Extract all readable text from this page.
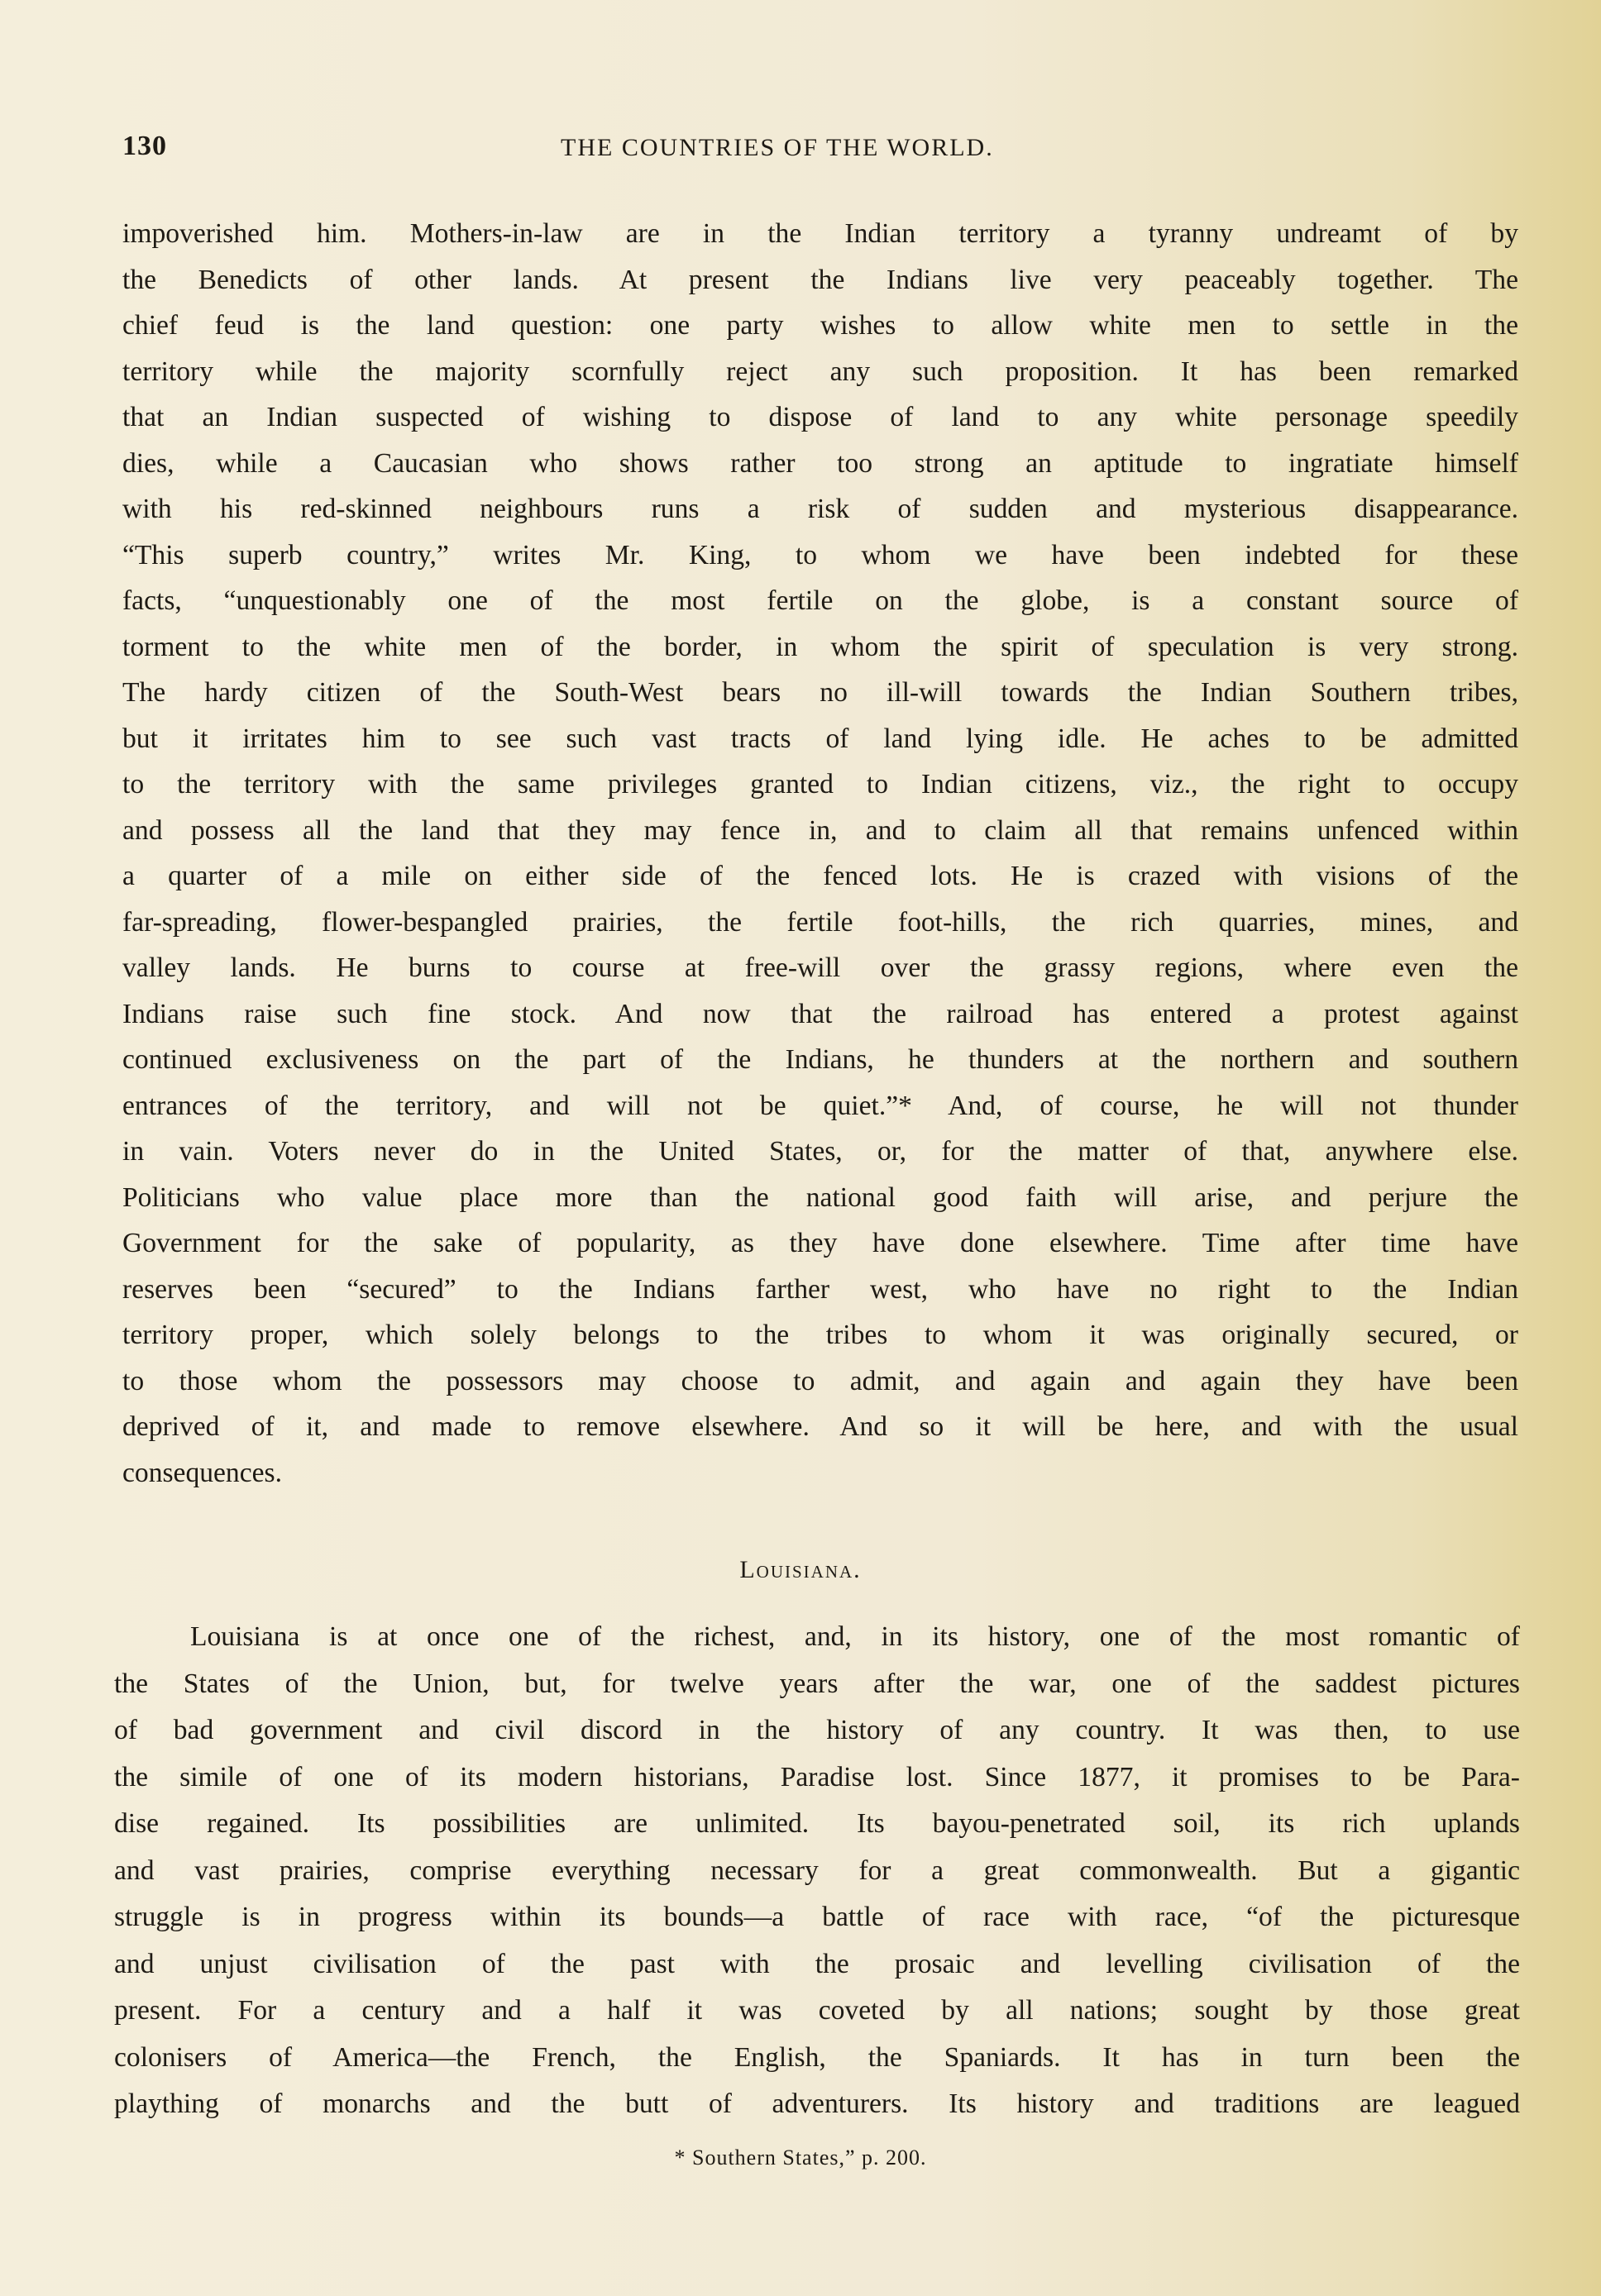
130	THE COUNTRIES OF THE WORLD.
impoverished him. Mothers-in-law are in the Indian territory a tyranny undreamt of by
the Benedicts of other lands. At present the Indians live very peaceably together. The
chief feud is the land question: one party wishes to allow white men to settle in the
territory while the majority scornfully reject any such proposition. It has been remarked
that an Indian suspected of wishing to dispose of land to any white personage speedily
dies, while a Caucasian who shows rather too strong an aptitude to ingratiate himself
with his red-skinned neighbours runs a risk of sudden and mysterious disappearance.
“This superb country,” writes Mr. King, to whom we have been indebted for these
facts, “unquestionably one of the most fertile on the globe, is a constant source of
torment to the white men of the border, in whom the spirit of speculation is very strong.
The hardy citizen of the South-West bears no ill-will towards the Indian Southern tribes,
but it irritates him to see such vast tracts of land lying idle. He aches to be admitted
to the territory with the same privileges granted to Indian citizens, viz., the right to occupy
and possess all the land that they may fence in, and to claim all that remains unfenced within
a quarter of a mile on either side of the fenced lots. He is crazed with visions of the
far-spreading, flower-bespangled prairies, the fertile foot-hills, the rich quarries, mines, and
valley lands. He burns to course at free-will over the grassy regions, where even the
Indians raise such fine stock. And now that the railroad has entered a protest against
continued exclusiveness on the part of the Indians, he thunders at the northern and southern
entrances of the territory, and will not be quiet.”* And, of course, he will not thunder
in vain. Voters never do in the United States, or, for the matter of that, anywhere else.
Politicians who value place more than the national good faith will arise, and perjure the
Government for the sake of popularity, as they have done elsewhere. Time after time have
reserves been “secured” to the Indians farther west, who have no right to the Indian
territory proper, which solely belongs to the tribes to whom it was originally secured, or
to those whom the possessors may choose to admit, and again and again they have been
deprived of it, and made to remove elsewhere. And so it will be here, and with the usual
consequences.
Louisiana.
Louisiana is at once one of the richest, and, in its history, one of the most romantic of
the States of the Union, but, for twelve years after the war, one of the saddest pictures
of bad government and civil discord in the history of any country. It was then, to use
the simile of one of its modern historians, Paradise lost. Since 1877, it promises to be Para-
dise regained. Its possibilities are unlimited. Its bayou-penetrated soil, its rich uplands
and vast prairies, comprise everything necessary for a great commonwealth. But a gigantic
struggle is in progress within its bounds—a battle of race with race, “of the picturesque
and unjust civilisation of the past with the prosaic and levelling civilisation of the
present. For a century and a half it was coveted by all nations; sought by those great
colonisers of America—the French, the English, the Spaniards. It has in turn been the
plaything of monarchs and the butt of adventurers. Its history and traditions are leagued
* Southern States,” p. 200.
